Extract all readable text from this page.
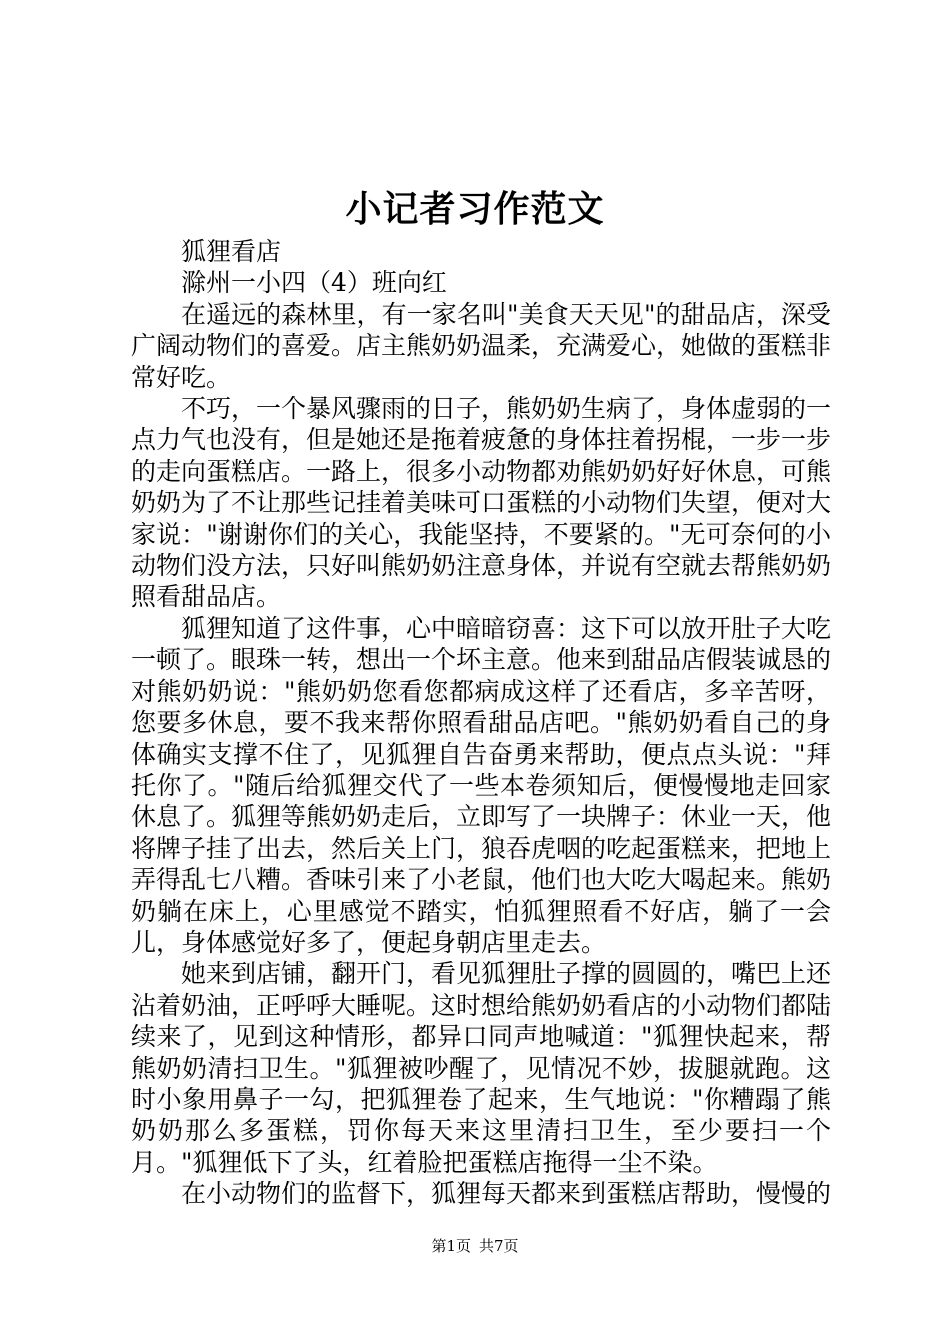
小记者习作范文

狐狸看店

滁州一小四（4）班向红

在遥远的森林里，有一家名叫"美食天天见"的甜品店，深受广阔动物们的喜爱。店主熊奶奶温柔，充满爱心，她做的蛋糕非常好吃。

不巧，一个暴风骤雨的日子，熊奶奶生病了，身体虚弱的一点力气也没有，但是她还是拖着疲惫的身体拄着拐棍，一步一步的走向蛋糕店。一路上，很多小动物都劝熊奶奶好好休息，可熊奶奶为了不让那些记挂着美味可口蛋糕的小动物们失望，便对大家说："谢谢你们的关心，我能坚持，不要紧的。"无可奈何的小动物们没方法，只好叫熊奶奶注意身体，并说有空就去帮熊奶奶照看甜品店。

狐狸知道了这件事，心中暗暗窃喜：这下可以放开肚子大吃一顿了。眼珠一转，想出一个坏主意。他来到甜品店假装诚恳的对熊奶奶说："熊奶奶您看您都病成这样了还看店，多辛苦呀，您要多休息，要不我来帮你照看甜品店吧。"熊奶奶看自己的身体确实支撑不住了，见狐狸自告奋勇来帮助，便点点头说："拜托你了。"随后给狐狸交代了一些本卷须知后，便慢慢地走回家休息了。狐狸等熊奶奶走后，立即写了一块牌子：休业一天，他将牌子挂了出去，然后关上门，狼吞虎咽的吃起蛋糕来，把地上弄得乱七八糟。香味引来了小老鼠，他们也大吃大喝起来。熊奶奶躺在床上，心里感觉不踏实，怕狐狸照看不好店，躺了一会儿，身体感觉好多了，便起身朝店里走去。

她来到店铺，翻开门，看见狐狸肚子撑的圆圆的，嘴巴上还沾着奶油，正呼呼大睡呢。这时想给熊奶奶看店的小动物们都陆续来了，见到这种情形，都异口同声地喊道："狐狸快起来，帮熊奶奶清扫卫生。"狐狸被吵醒了，见情况不妙，拔腿就跑。这时小象用鼻子一勾，把狐狸卷了起来，生气地说："你糟蹋了熊奶奶那么多蛋糕，罚你每天来这里清扫卫生，至少要扫一个月。"狐狸低下了头，红着脸把蛋糕店拖得一尘不染。

在小动物们的监督下，狐狸每天都来到蛋糕店帮助，慢慢的

第1页 共7页
